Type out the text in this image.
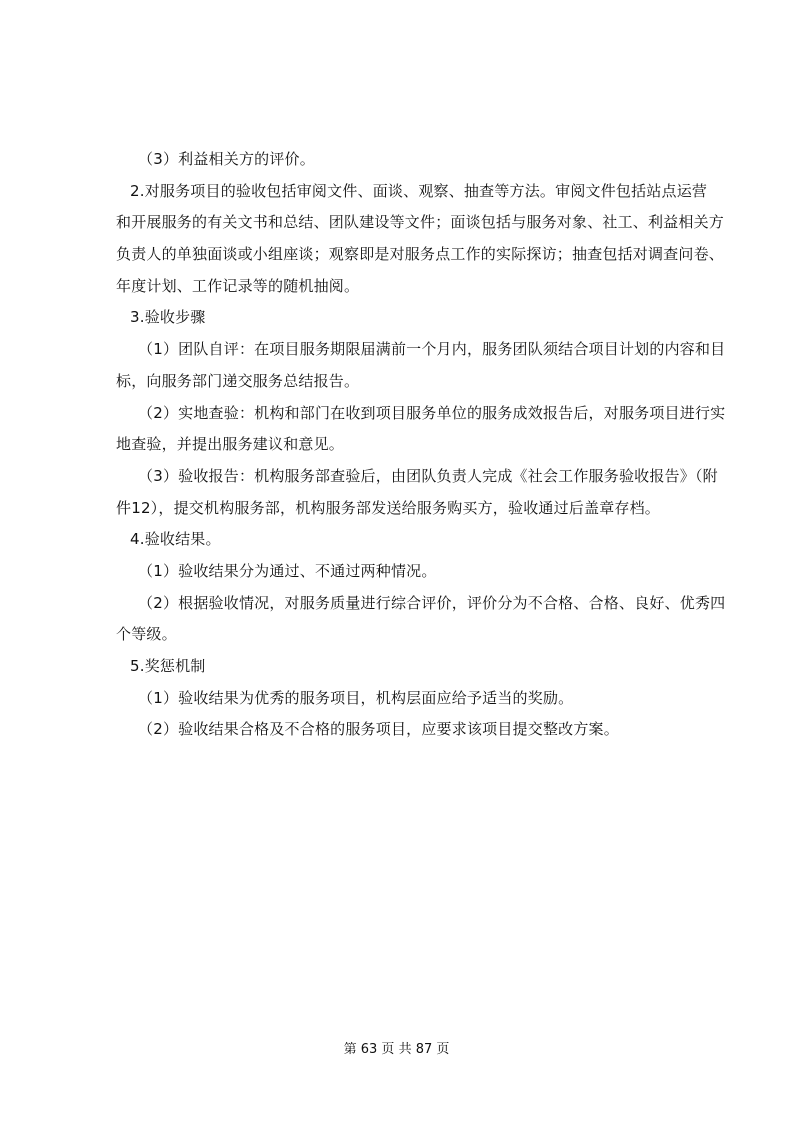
（3）利益相关方的评价。
2.对服务项目的验收包括审阅文件、面谈、观察、抽查等方法。审阅文件包括站点运营
和开展服务的有关文书和总结、团队建设等文件；面谈包括与服务对象、社工、利益相关方
负责人的单独面谈或小组座谈；观察即是对服务点工作的实际探访；抽查包括对调查问卷、
年度计划、工作记录等的随机抽阅。
3.验收步骤
（1）团队自评：在项目服务期限届满前一个月内，服务团队须结合项目计划的内容和目
标，向服务部门递交服务总结报告。
（2）实地查验：机构和部门在收到项目服务单位的服务成效报告后，对服务项目进行实
地查验，并提出服务建议和意见。
（3）验收报告：机构服务部查验后，由团队负责人完成《社会工作服务验收报告》（附
件12），提交机构服务部，机构服务部发送给服务购买方，验收通过后盖章存档。
4.验收结果。
（1）验收结果分为通过、不通过两种情况。
（2）根据验收情况，对服务质量进行综合评价，评价分为不合格、合格、良好、优秀四
个等级。
5.奖惩机制
（1）验收结果为优秀的服务项目，机构层面应给予适当的奖励。
（2）验收结果合格及不合格的服务项目，应要求该项目提交整改方案。
第 63 页 共 87 页
